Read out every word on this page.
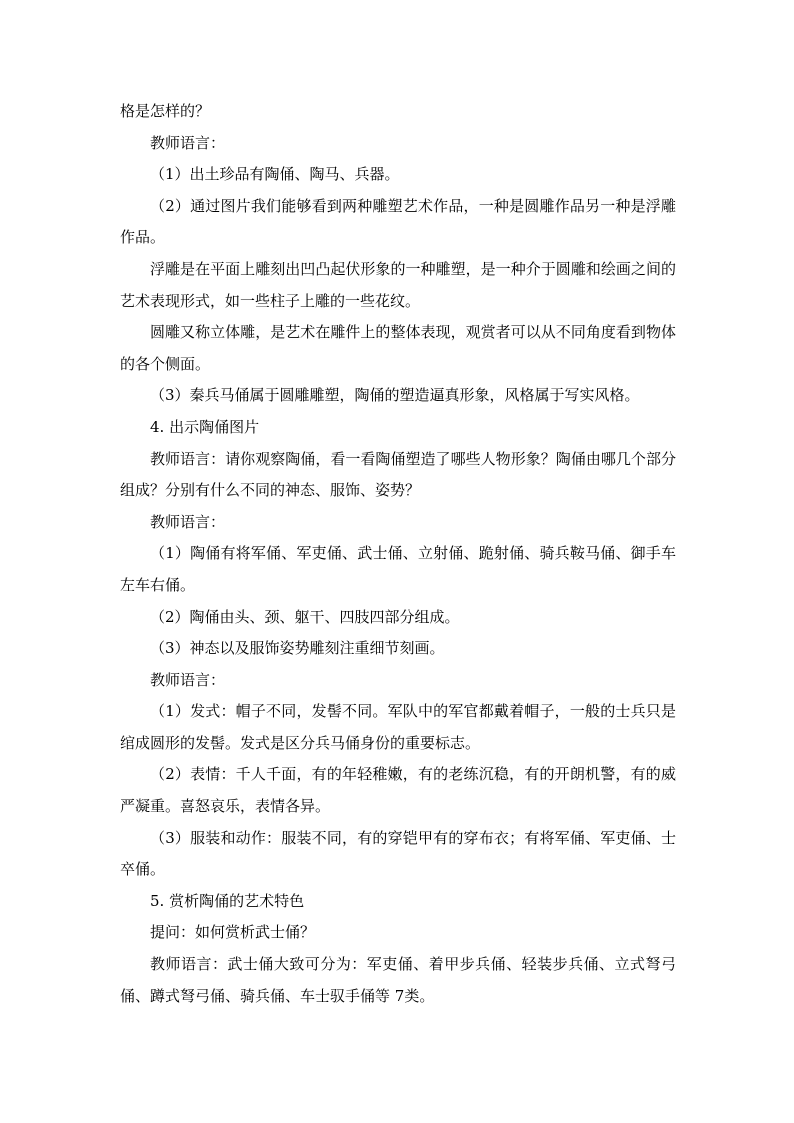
格是怎样的？

教师语言：

（1）出土珍品有陶俑、陶马、兵器。

（2）通过图片我们能够看到两种雕塑艺术作品，一种是圆雕作品另一种是浮雕作品。

浮雕是在平面上雕刻出凹凸起伏形象的一种雕塑，是一种介于圆雕和绘画之间的艺术表现形式，如一些柱子上雕的一些花纹。

圆雕又称立体雕，是艺术在雕件上的整体表现，观赏者可以从不同角度看到物体的各个侧面。

（3）秦兵马俑属于圆雕雕塑，陶俑的塑造逼真形象，风格属于写实风格。

4. 出示陶俑图片

教师语言：请你观察陶俑，看一看陶俑塑造了哪些人物形象？陶俑由哪几个部分组成？分别有什么不同的神态、服饰、姿势？

教师语言：

（1）陶俑有将军俑、军吏俑、武士俑、立射俑、跪射俑、骑兵鞍马俑、御手车左车右俑。

（2）陶俑由头、颈、躯干、四肢四部分组成。

（3）神态以及服饰姿势雕刻注重细节刻画。

教师语言：

（1）发式：帽子不同，发髻不同。军队中的军官都戴着帽子，一般的士兵只是绾成圆形的发髻。发式是区分兵马俑身份的重要标志。

（2）表情：千人千面，有的年轻稚嫩，有的老练沉稳，有的开朗机警，有的威严凝重。喜怒哀乐，表情各异。

（3）服装和动作：服装不同，有的穿铠甲有的穿布衣；有将军俑、军吏俑、士卒俑。

5. 赏析陶俑的艺术特色

提问：如何赏析武士俑？

教师语言：武士俑大致可分为：军吏俑、着甲步兵俑、轻装步兵俑、立式弩弓俑、蹲式弩弓俑、骑兵俑、车士驭手俑等 7类。
